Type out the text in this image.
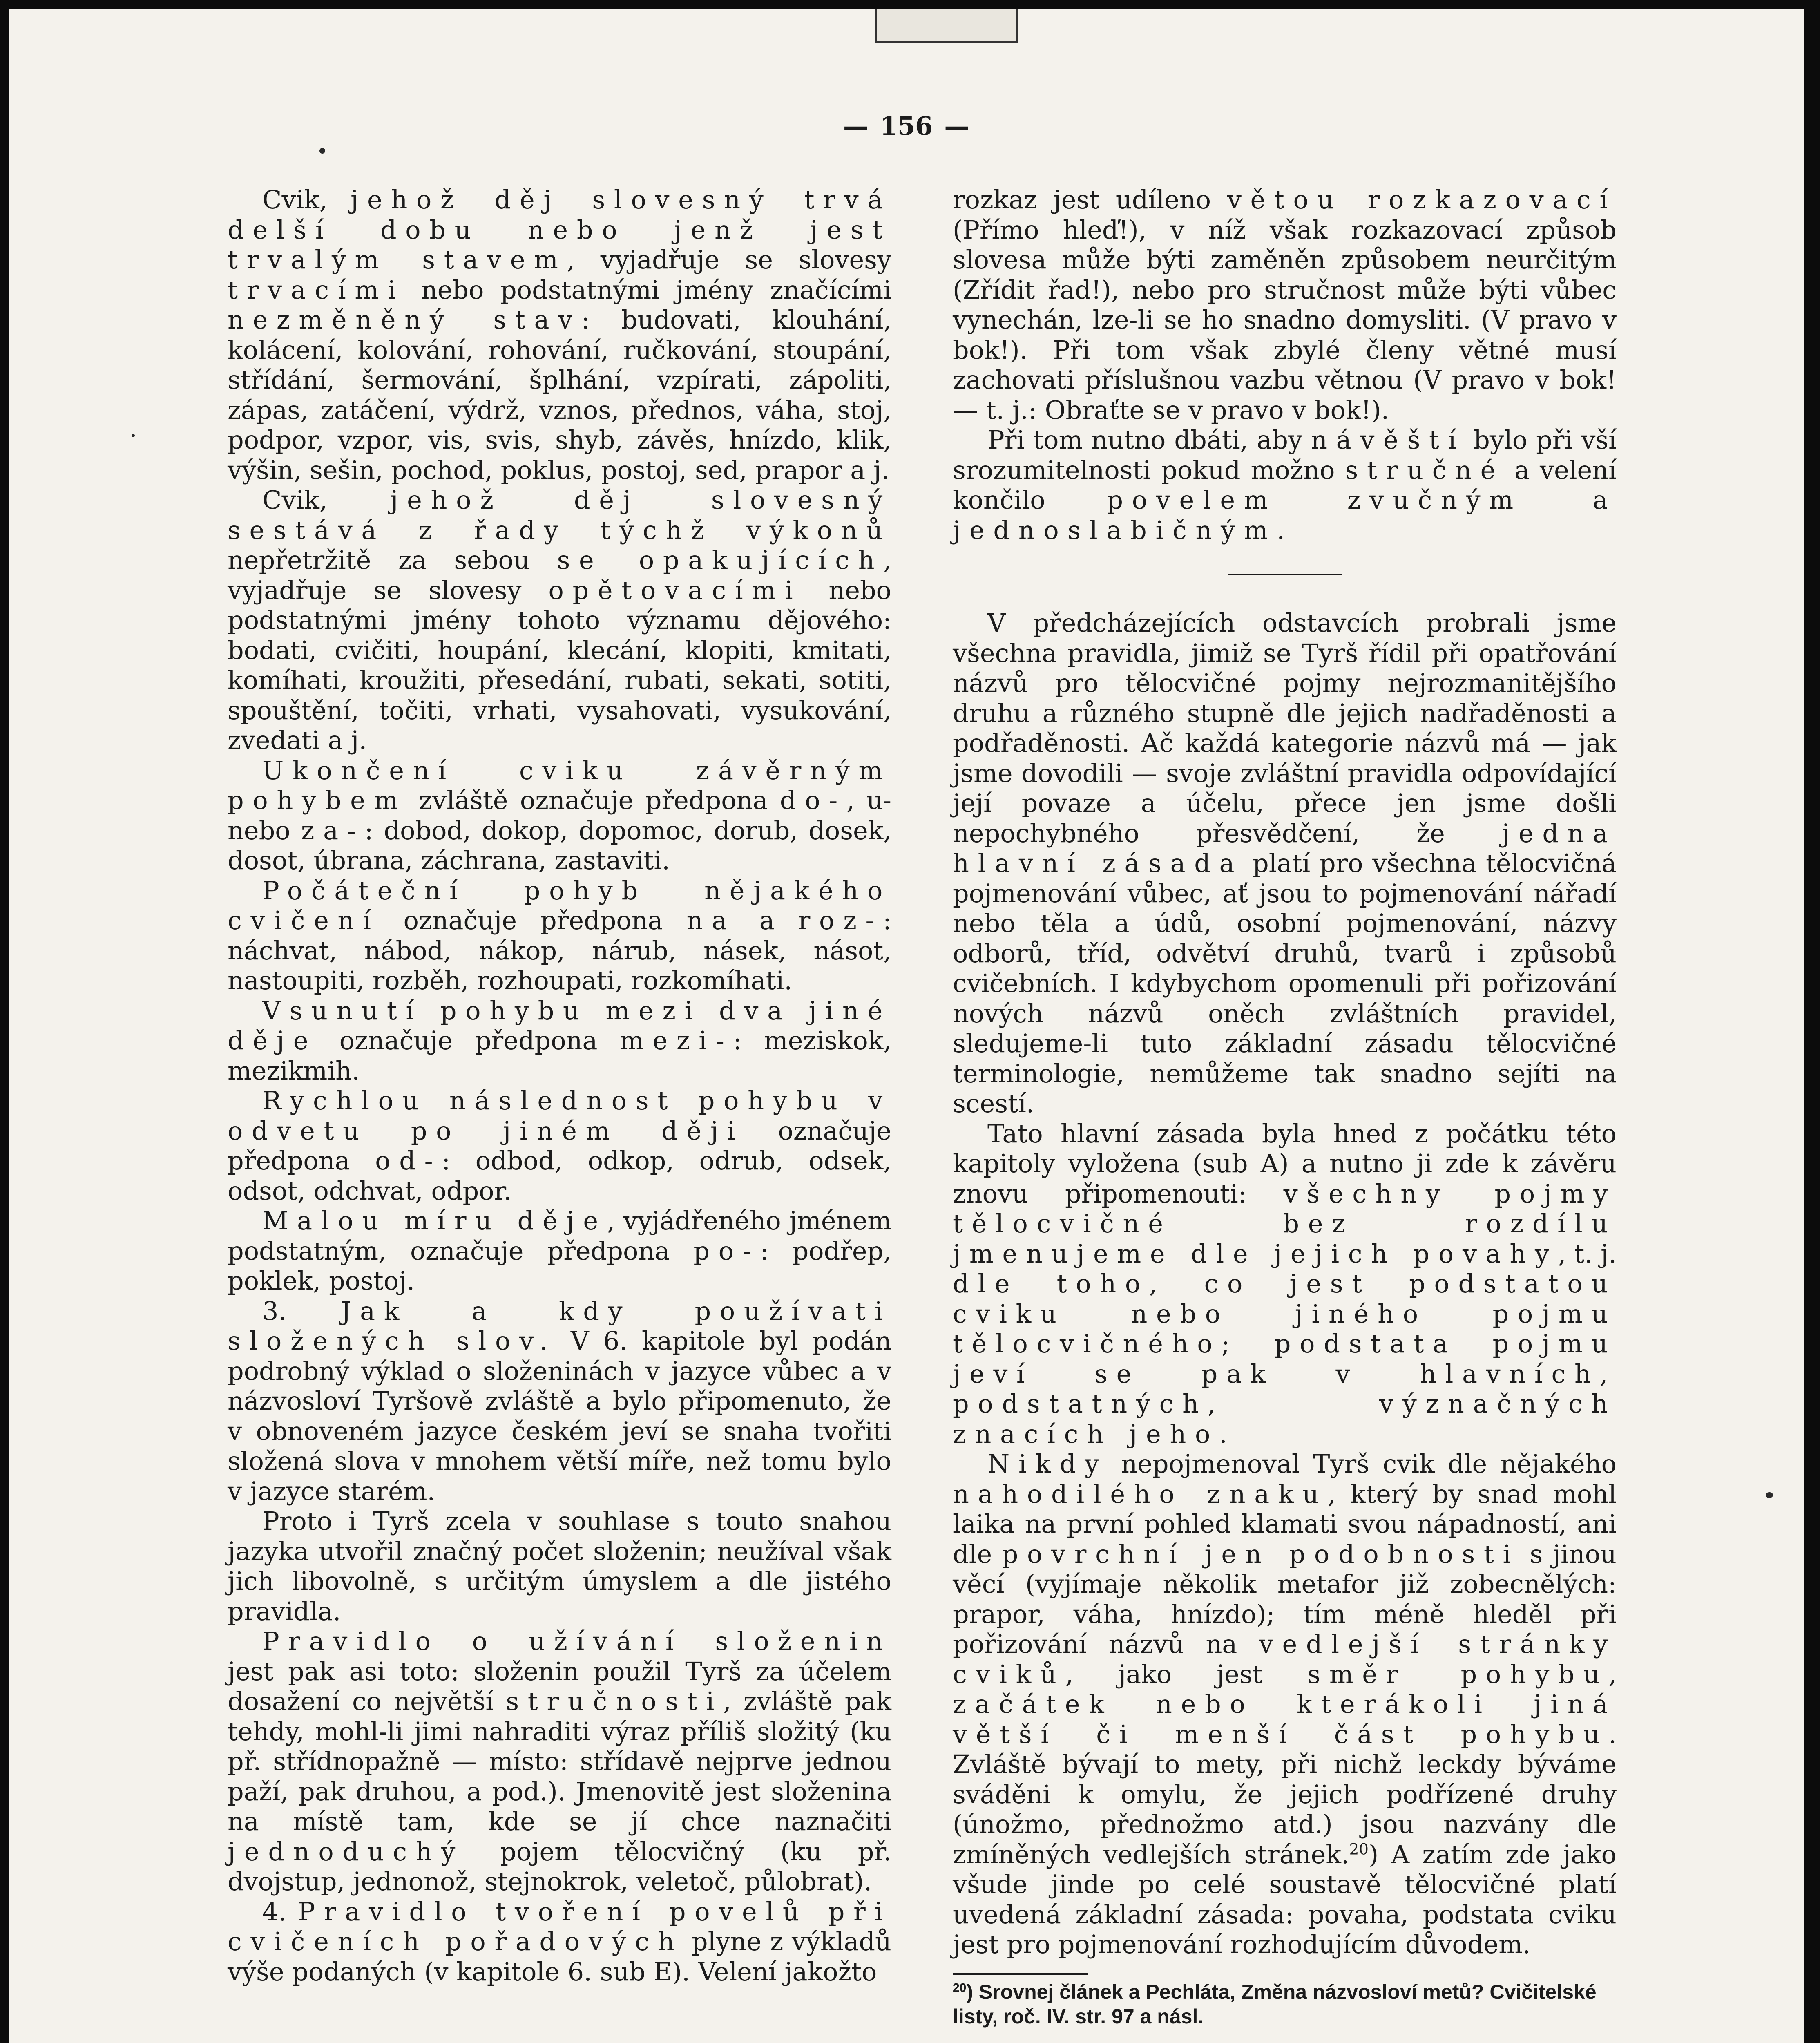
— 156 —

Cvik, jehož děj slovesný trvá delší dobu nebo jenž jest trvalým stavem, vyjadřuje se slovesy trvacími nebo podstatnými jmény značícími nezměněný stav: budovati, klouhání, kolácení, kolování, rohování, ručkování, stoupání, střídání, šermování, šplhání, vzpírati, zápoliti, zápas, zatáčení, výdrž, vznos, přednos, váha, stoj, podpor, vzpor, vis, svis, shyb, závěs, hnízdo, klik, výšin, sešin, pochod, poklus, postoj, sed, prapor a j.

Cvik, jehož děj slovesný sestává z řady týchž výkonů nepřetržitě za sebou se opakujících, vyjadřuje se slovesy opětovacími nebo podstatnými jmény tohoto významu dějového: bodati, cvičiti, houpání, klecání, klopiti, kmitati, komíhati, kroužiti, přesedání, rubati, sekati, sotiti, spouštění, točiti, vrhati, vysahovati, vysukování, zvedati a j.

Ukončení cviku závěrným pohybem zvláště označuje předpona do-, u- nebo za-: dobod, dokop, dopomoc, dorub, dosek, dosot, úbrana, záchrana, zastaviti.

Počáteční pohyb nějakého cvičení označuje předpona na a roz-: náchvat, nábod, nákop, nárub, násek, násot, nastoupiti, rozběh, rozhoupati, rozkomíhati.

Vsunutí pohybu mezi dva jiné děje označuje předpona mezi-: meziskok, mezikmih.

Rychlou následnost pohybu v odvetu po jiném ději označuje předpona od-: odbod, odkop, odrub, odsek, odsot, odchvat, odpor.

Malou míru děje, vyjádřeného jménem podstatným, označuje předpona po-: podřep, poklek, postoj.

3. Jak a kdy používati složených slov. V 6. kapitole byl podán podrobný výklad o složeninách v jazyce vůbec a v názvosloví Tyršově zvláště a bylo připomenuto, že v obnoveném jazyce českém jeví se snaha tvořiti složená slova v mnohem větší míře, než tomu bylo v jazyce starém.

Proto i Tyrš zcela v souhlase s touto snahou jazyka utvořil značný počet složenin; neužíval však jich libovolně, s určitým úmyslem a dle jistého pravidla.

Pravidlo o užívání složenin jest pak asi toto: složenin použil Tyrš za účelem dosažení co největší stručnosti, zvláště pak tehdy, mohl-li jimi nahraditi výraz příliš složitý (ku př. střídnopažně — místo: střídavě nejprve jednou paží, pak druhou, a pod.). Jmenovitě jest složenina na místě tam, kde se jí chce naznačiti jednoduchý pojem tělocvičný (ku př. dvojstup, jednonož, stejnokrok, veletoč, půlobrat).

4. Pravidlo tvoření povelů při cvičeních pořadových plyne z výkladů výše podaných (v kapitole 6. sub E). Velení jakožto

rozkaz jest udíleno větou rozkazovací (Přímo hleď!), v níž však rozkazovací způsob slovesa může býti zaměněn způsobem neurčitým (Zřídit řad!), nebo pro stručnost může býti vůbec vynechán, lze-li se ho snadno domysliti. (V pravo v bok!). Při tom však zbylé členy větné musí zachovati příslušnou vazbu větnou (V pravo v bok! — t. j.: Obraťte se v pravo v bok!).

Při tom nutno dbáti, aby návěští bylo při vší srozumitelnosti pokud možno stručné a velení končilo povelem zvučným a jednoslabičným.

V předcházejících odstavcích probrali jsme všechna pravidla, jimiž se Tyrš řídil při opatřování názvů pro tělocvičné pojmy nejrozmanitějšího druhu a různého stupně dle jejich nadřaděnosti a podřaděnosti. Ač každá kategorie názvů má — jak jsme dovodili — svoje zvláštní pravidla odpovídající její povaze a účelu, přece jen jsme došli nepochybného přesvědčení, že jedna hlavní zásada platí pro všechna tělocvičná pojmenování vůbec, ať jsou to pojmenování nářadí nebo těla a údů, osobní pojmenování, názvy odborů, tříd, odvětví druhů, tvarů i způsobů cvičebních. I kdybychom opomenuli při pořizování nových názvů oněch zvláštních pravidel, sledujeme-li tuto základní zásadu tělocvičné terminologie, nemůžeme tak snadno sejíti na scestí.

Tato hlavní zásada byla hned z počátku této kapitoly vyložena (sub A) a nutno ji zde k závěru znovu připomenouti: všechny pojmy tělocvičné bez rozdílu jmenujeme dle jejich povahy, t. j. dle toho, co jest podstatou cviku nebo jiného pojmu tělocvičného; podstata pojmu jeví se pak v hlavních, podstatných, význačných znacích jeho.

Nikdy nepojmenoval Tyrš cvik dle nějakého nahodilého znaku, který by snad mohl laika na první pohled klamati svou nápadností, ani dle povrchní jen podobnosti s jinou věcí (vyjímaje několik metafor již zobecnělých: prapor, váha, hnízdo); tím méně hleděl při pořizování názvů na vedlejší stránky cviků, jako jest směr pohybu, začátek nebo kterákoli jiná větší či menší část pohybu. Zvláště bývají to mety, při nichž leckdy býváme sváděni k omylu, že jejich podřízené druhy (únožmo, přednožmo atd.) jsou nazvány dle zmíněných vedlejších stránek.$^{20}$) A zatím zde jako všude jinde po celé soustavě tělocvičné platí uvedená základní zásada: povaha, podstata cviku jest pro pojmenování rozhodujícím důvodem.

$^{20}$) Srovnej článek a Pechláta, Změna názvosloví metů? Cvičitelské listy, roč. IV. str. 97 a násl.
